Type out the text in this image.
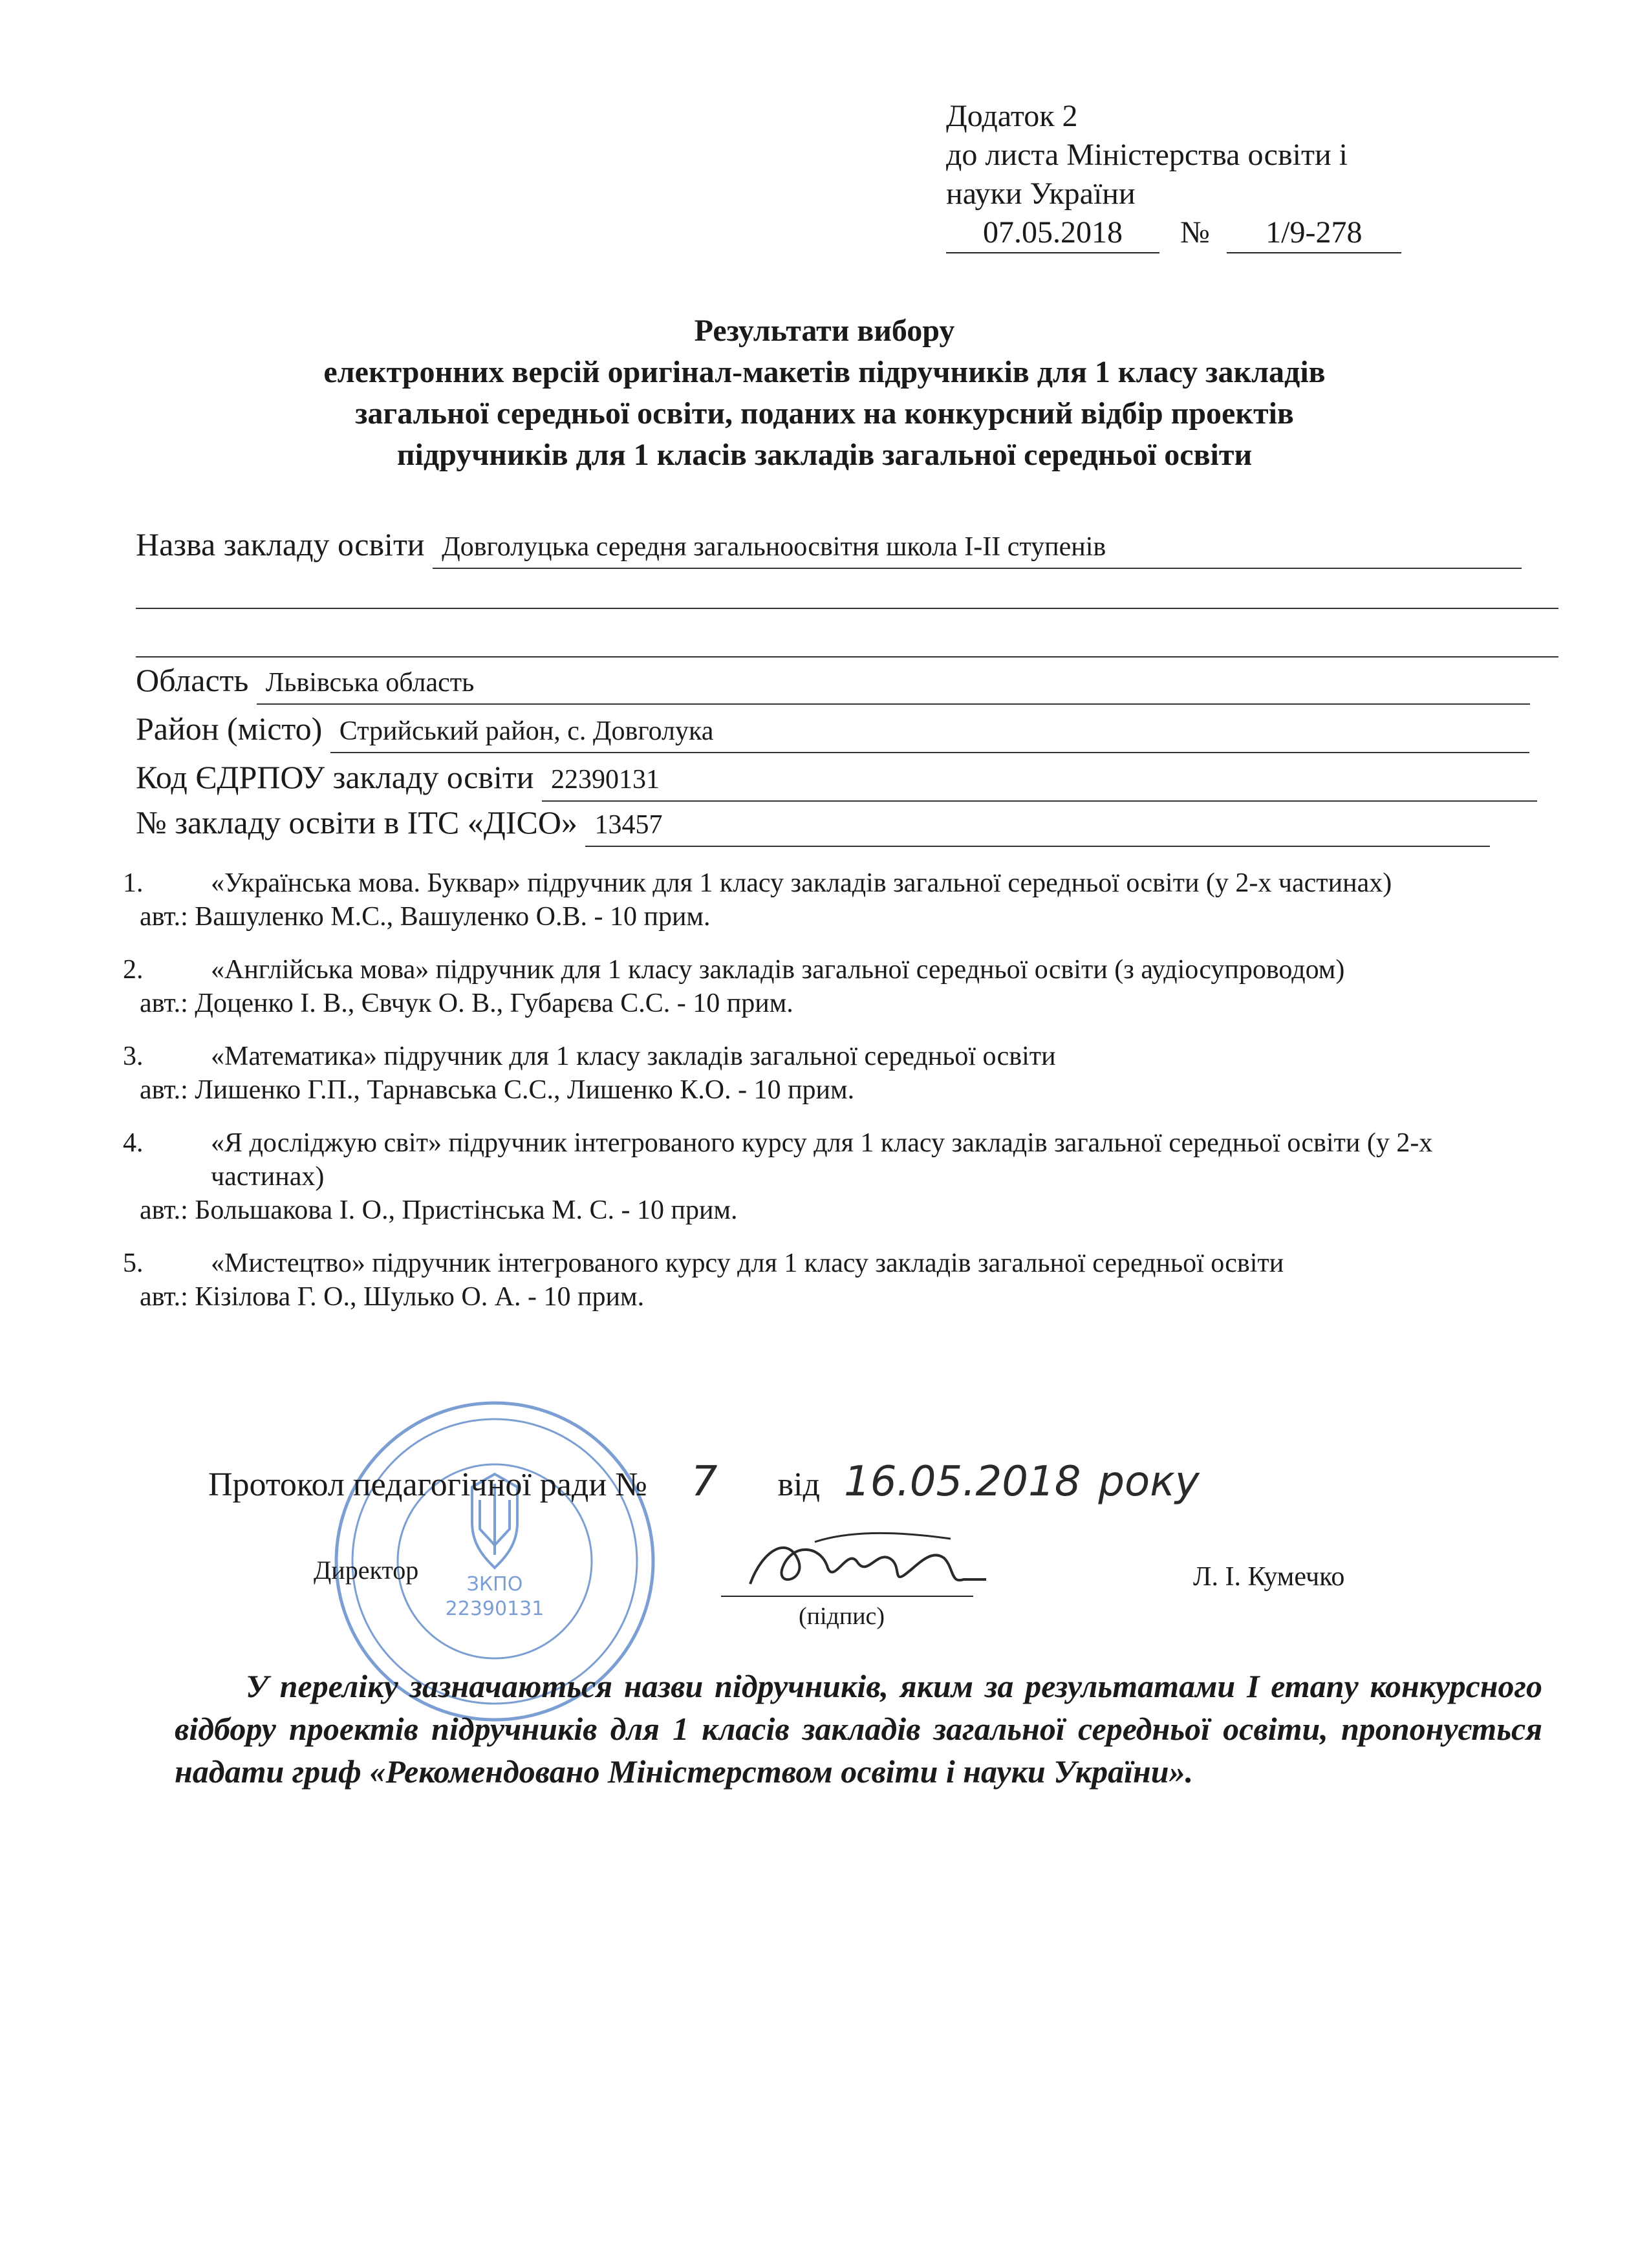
Додаток 2
до листа Міністерства освіти і
науки України
07.05.2018 № 1/9-278
Результати вибору
електронних версій оригінал-макетів підручників для 1 класу закладів
загальної середньої освіти, поданих на конкурсний відбір проектів
підручників для 1 класів закладів загальної середньої освіти
Назва закладу освіти Довголуцька середня загальноосвітня школа І-ІІ ступенів
Область Львівська область
Район (місто) Стрийський район, с. Довголука
Код ЄДРПОУ закладу освіти 22390131
№ закладу освіти в ІТС «ДІСО» 13457
1.	«Українська мова. Буквар» підручник для 1 класу закладів загальної середньої освіти (у 2-х частинах)
авт.: Вашуленко М.С., Вашуленко О.В. - 10 прим.
2.	«Англійська мова» підручник для 1 класу закладів загальної середньої освіти (з аудіосупроводом)
авт.: Доценко І. В., Євчук О. В., Губарєва С.С. - 10 прим.
3.	«Математика» підручник для 1 класу закладів загальної середньої освіти
авт.: Лишенко Г.П., Тарнавська С.С., Лишенко К.О. - 10 прим.
4.	«Я досліджую світ» підручник інтегрованого курсу для 1 класу закладів загальної середньої освіти (у 2-х частинах)
авт.: Большакова І. О., Пристінська М. С. - 10 прим.
5.	«Мистецтво» підручник інтегрованого курсу для 1 класу закладів загальної середньої освіти
авт.: Кізілова Г. О., Шулько О. А. - 10 прим.
ЗКПО
22390131
Протокол педагогічної ради № 7 від 16.05.2018 року
Директор
(підпис)
Л. І. Кумечко
У переліку зазначаються назви підручників, яким за результатами І етапу конкурсного відбору проектів підручників для 1 класів закладів загальної середньої освіти, пропонується надати гриф «Рекомендовано Міністерством освіти і науки України».
